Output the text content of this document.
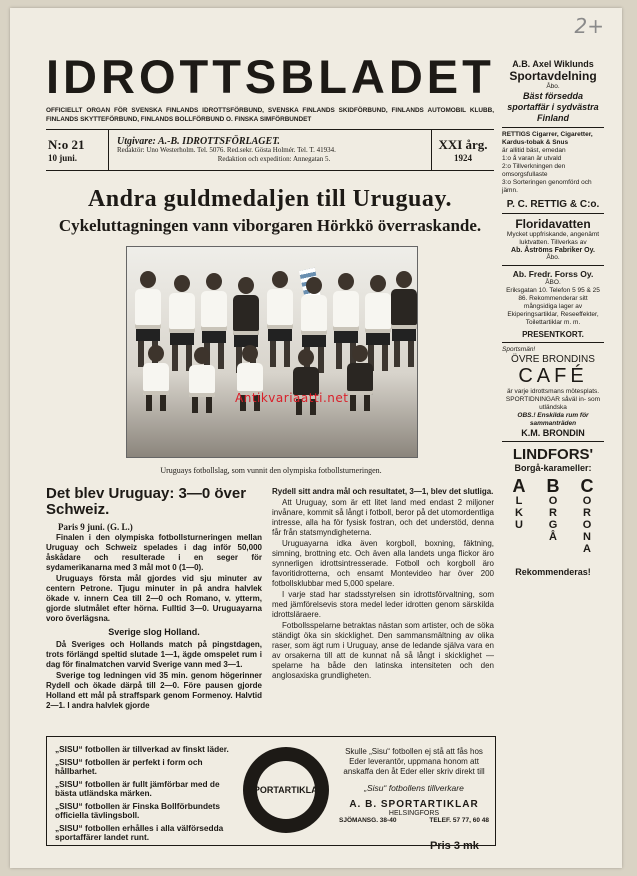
2+
IDROTTSBLADET
OFFICIELLT ORGAN FÖR SVENSKA FINLANDS IDROTTSFÖRBUND, SVENSKA FINLANDS SKIDFÖRBUND, FINLANDS AUTOMOBIL KLUBB, FINLANDS SKYTTEFÖRBUND, FINLANDS BOLLFÖRBUND O. FINSKA SIMFÖRBUNDET
N:o 21
10 juni.
Utgivare: A.-B. IDROTTSFÖRLAGET.
Redaktör: Uno Westerholm. Tel. 5076. Red.sekr. Gösta Holmér. Tel. T. 41934.
Redaktion och expedition: Annegatan 5.
XXI årg.
1924
Andra guldmedaljen till Uruguay.
Cykeluttagningen vann viborgaren Hörkkö överraskande.
Antikvariaatti.net
Uruguays fotbollslag, som vunnit den olympiska fotbollsturneringen.
Det blev Uruguay: 3—0 över Schweiz.
Paris 9 juni. (G. L.)

Finalen i den olympiska fotbollsturneringen mellan Uruguay och Schweiz spelades i dag inför 50,000 åskådare och resulterade i en seger för sydamerikanarna med 3 mål mot 0 (1—0).

Uruguays första mål gjordes vid sju minuter av centern Petrone. Tjugu minuter in på andra halvlek ökade v. innern Cea till 2—0 och Romano, v. ytterm, gjorde slutmålet efter hörna. Fulltid 3—0. Uruguayarna voro överlägsna.

Sverige slog Holland.

Då Sveriges och Hollands match på pingstdagen, trots förlängd speltid slutade 1—1, ägde omspelet rum i dag för finalmatchen varvid Sverige vann med 3—1.

Sverige tog ledningen vid 35 min. genom högerinner Rydell och ökade därpå till 2—0. Före pausen gjorde Holland ett mål på straffspark genom Formenoy. Halvtid 2—1. I andra halvlek gjorde

Rydell sitt andra mål och resultatet, 3—1, blev det slutliga.

Att Uruguay, som är ett litet land med endast 2 miljoner invånare, kommit så långt i fotboll, beror på det utomordentliga intresse, alla ha för fysisk fostran, och det understöd, denna får från statsmyndigheterna.

Uruguayarna idka även korgboll, boxning, fäktning, simning, brottning etc. Och även alla landets unga flickor äro synnerligen idrottsintresserade. Fotboll och korgboll äro favoritidrotterna, och ensamt Montevideo har över 200 fotbollsklubbar med 5,000 spelare.

I varje stad har stadsstyrelsen sin idrottsförvaltning, som med jämförelsevis stora medel leder idrotten genom särskilda idrottsläraere.

Fotbollsspelarne betraktas nästan som artister, och de söka ständigt öka sin skicklighet. Den sammansmältning av olika raser, som ägt rum i Uruguay, anse de ledande själva vara en av orsakerna till att de kunnat nå så långt i skicklighet — spelarne ha både den latinska intensiteten och den anglosaxiska grundligheten.

„SISU“ fotbollen är tillverkad av finskt läder.
„SISU“ fotbollen är perfekt i form och hållbarhet.
„SISU“ fotbollen är fullt jämförbar med de bästa utländska märken.
„SISU“ fotbollen är Finska Bollförbundets officiella tävlingsboll.
„SISU“ fotbollen erhålles i alla välförsedda sportaffärer landet runt.
SPORTARTIKLAR
Skulle „Sisu“ fotbollen ej stå att fås hos Eder leverantör, uppmana honom att anskaffa den åt Eder eller skriv direkt till
„Sisu“ fotbollens tillverkare
A. B. SPORTARTIKLAR
HELSINGFORS
SJÖMANSG. 38-40	TELEF. 57 77, 60 48
Pris 3 mk
A.B. Axel Wiklunds
Sportavdelning
Åbo.
Bäst försedda sportaffär i sydvästra Finland
RETTIGS Cigarrer, Cigaretter, Kardus-tobak & Snus
är allitid bäst, emedan
1:o å varan är utvald
2:o Tillverkningen den omsorgsfullaste
3:o Sorteringen genomförd och jämn.
P. C. RETTIG & C:o.
Floridavatten
Mycket uppfriskande, angenämt luktvatten. Tillverkas av
Ab. Åströms Fabriker Oy.
Åbo.
Ab. Fredr. Forss Oy.
ÅBO.
Eriksgatan 10. Telefon 5 95 & 25 86. Rekommenderar sitt mångsidiga lager av Ekiperingsartiklar, Reseeffekter, Toilettartiklar m. m.
PRESENTKORT.
Sportsmän!
ÖVRE BRONDINS
CAFÉ
är varje idrottsmans mötesplats. SPORTIDNINGAR såväl in- som utländska
OBS.! Enskilda rum för sammanträden
K.M. BRONDIN
LINDFORS'
Borgå-karameller:
A
L
K
U
B
O
R
G
Å
C
O
R
O
N
A
Rekommenderas!
